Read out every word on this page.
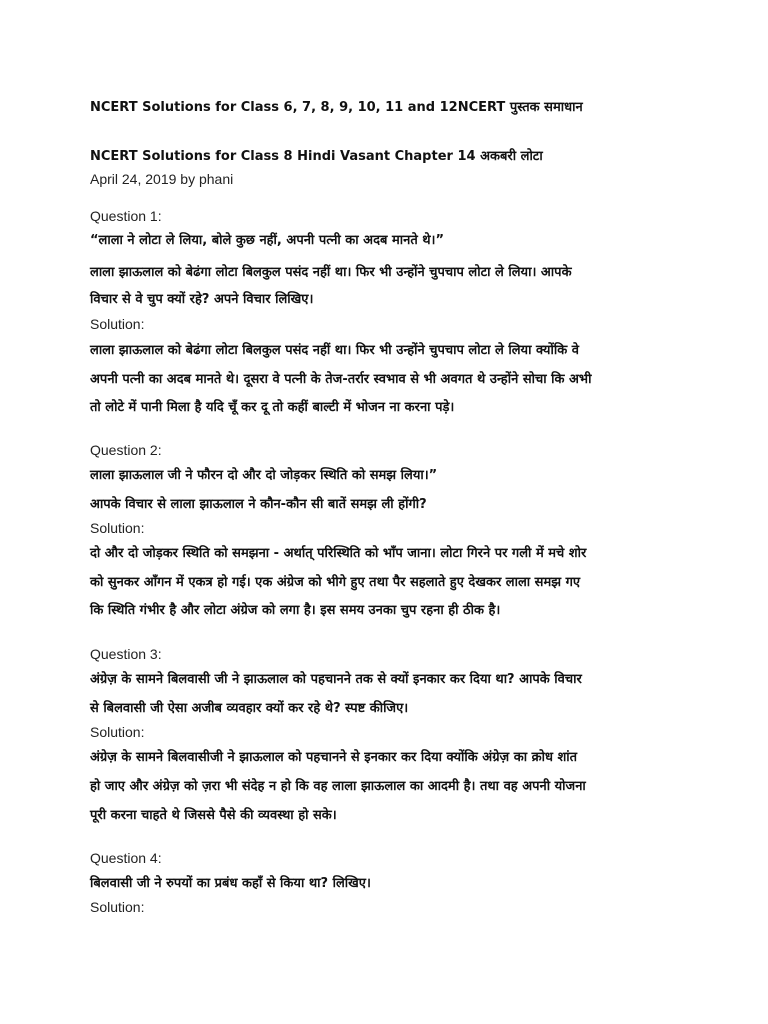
NCERT Solutions for Class 6, 7, 8, 9, 10, 11 and 12NCERT पुस्तक समाधान
NCERT Solutions for Class 8 Hindi Vasant Chapter 14 अकबरी लोटा
April 24, 2019 by phani
Question 1:
“लाला ने लोटा ले लिया, बोले कुछ नहीं, अपनी पत्नी का अदब मानते थे।”
लाला झाऊलाल को बेढंगा लोटा बिलकुल पसंद नहीं था। फिर भी उन्होंने चुपचाप लोटा ले लिया। आपके
विचार से वे चुप क्यों रहे? अपने विचार लिखिए।
Solution:
लाला झाऊलाल को बेढंगा लोटा बिलकुल पसंद नहीं था। फिर भी उन्होंने चुपचाप लोटा ले लिया क्योंकि वे
अपनी पत्नी का अदब मानते थे। दूसरा वे पत्नी के तेज-तर्रार स्वभाव से भी अवगत थे उन्होंने सोचा कि अभी
तो लोटे में पानी मिला है यदि चूँ कर दू तो कहीं बाल्टी में भोजन ना करना पड़े।
Question 2:
लाला झाऊलाल जी ने फौरन दो और दो जोड़कर स्थिति को समझ लिया।”
आपके विचार से लाला झाऊलाल ने कौन-कौन सी बातें समझ ली होंगी?
Solution:
दो और दो जोड़कर स्थिति को समझना - अर्थात् परिस्थिति को भाँप जाना। लोटा गिरने पर गली में मचे शोर
को सुनकर आँगन में एकत्र हो गई। एक अंग्रेज को भीगे हुए तथा पैर सहलाते हुए देखकर लाला समझ गए
कि स्थिति गंभीर है और लोटा अंग्रेज को लगा है। इस समय उनका चुप रहना ही ठीक है।
Question 3:
अंग्रेज़ के सामने बिलवासी जी ने झाऊलाल को पहचानने तक से क्यों इनकार कर दिया था? आपके विचार
से बिलवासी जी ऐसा अजीब व्यवहार क्यों कर रहे थे? स्पष्ट कीजिए।
Solution:
अंग्रेज़ के सामने बिलवासीजी ने झाऊलाल को पहचानने से इनकार कर दिया क्योंकि अंग्रेज़ का क्रोध शांत
हो जाए और अंग्रेज़ को ज़रा भी संदेह न हो कि वह लाला झाऊलाल का आदमी है। तथा वह अपनी योजना
पूरी करना चाहते थे जिससे पैसे की व्यवस्था हो सके।
Question 4:
बिलवासी जी ने रुपयों का प्रबंध कहाँ से किया था? लिखिए।
Solution:
